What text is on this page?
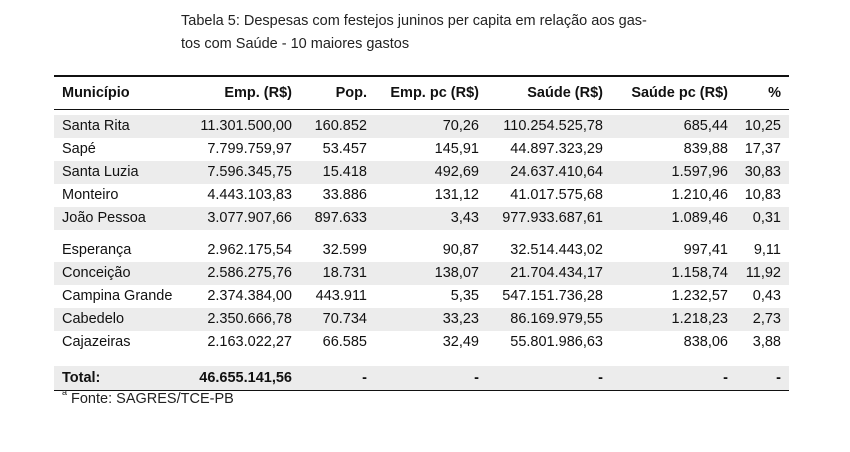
Tabela 5: Despesas com festejos juninos per capita em relação aos gas-
tos com Saúde - 10 maiores gastos
Município	Emp. (R$)	Pop.	Emp. pc (R$)	Saúde (R$)	Saúde pc (R$)	%

Santa Rita	11.301.500,00	160.852	70,26	110.254.525,78	685,44	10,25
Sapé	7.799.759,97	53.457	145,91	44.897.323,29	839,88	17,37
Santa Luzia	7.596.345,75	15.418	492,69	24.637.410,64	1.597,96	30,83
Monteiro	4.443.103,83	33.886	131,12	41.017.575,68	1.210,46	10,83
João Pessoa	3.077.907,66	897.633	3,43	977.933.687,61	1.089,46	0,31

Esperança	2.962.175,54	32.599	90,87	32.514.443,02	997,41	9,11
Conceição	2.586.275,76	18.731	138,07	21.704.434,17	1.158,74	11,92
Campina Grande	2.374.384,00	443.911	5,35	547.151.736,28	1.232,57	0,43
Cabedelo	2.350.666,78	70.734	33,23	86.169.979,55	1.218,23	2,73
Cajazeiras	2.163.022,27	66.585	32,49	55.801.986,63	838,06	3,88

Total:	46.655.141,56	-	-	-	-	-
$^a$ Fonte: SAGRES/TCE-PB
